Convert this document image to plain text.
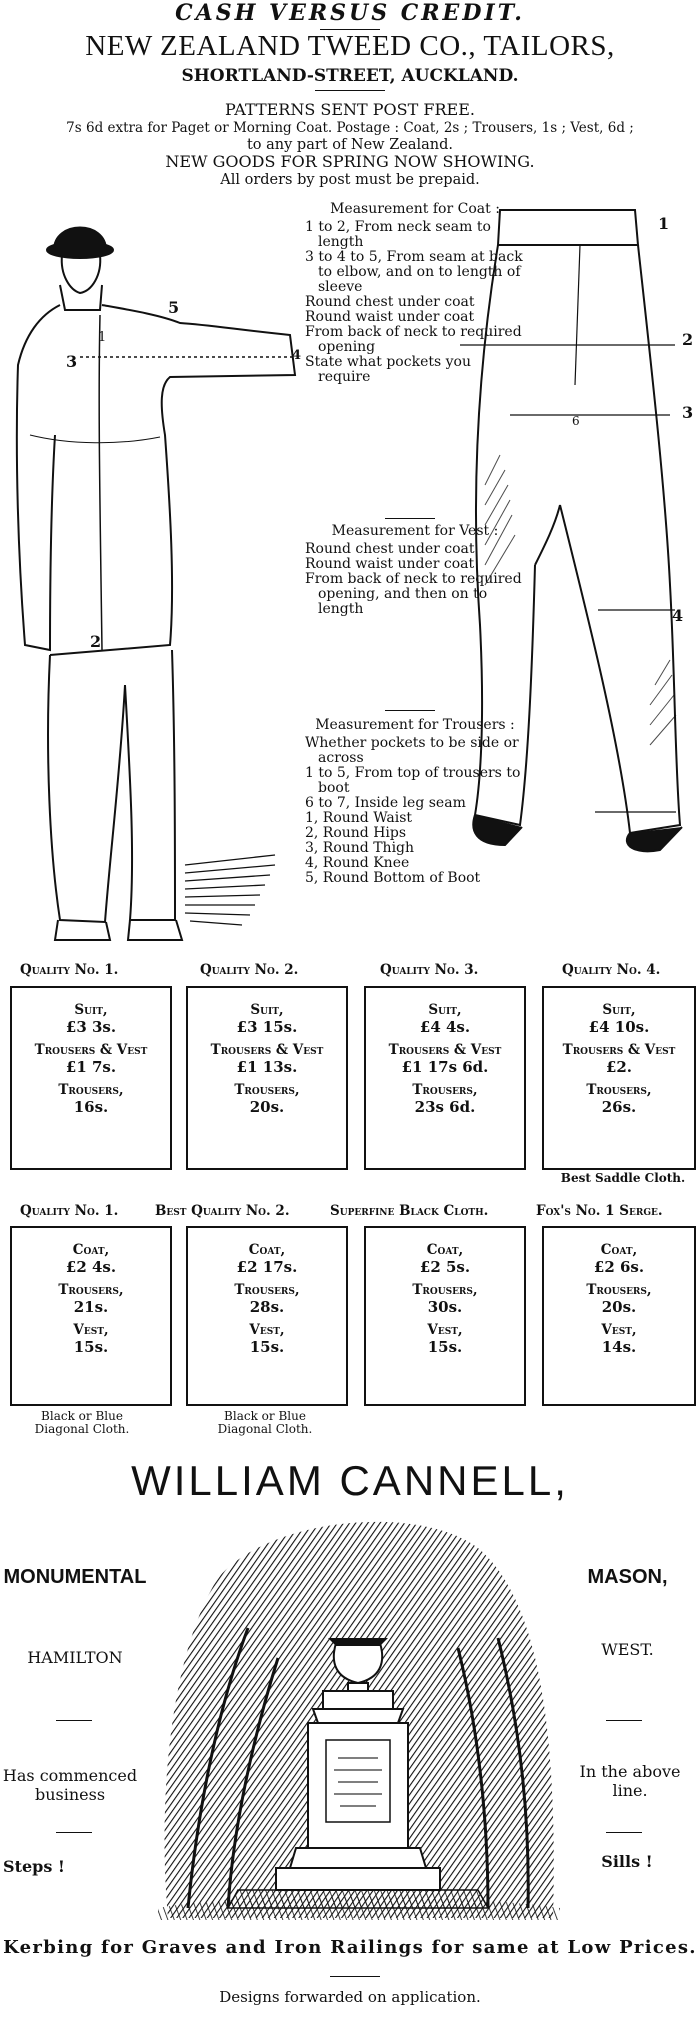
CASH VERSUS CREDIT.
NEW ZEALAND TWEED CO., TAILORS,
SHORTLAND-STREET, AUCKLAND.
PATTERNS SENT POST FREE.
7s 6d extra for Paget or Morning Coat. Postage : Coat, 2s ; Trousers, 1s ; Vest, 6d ;
to any part of New Zealand.
NEW GOODS FOR SPRING NOW SHOWING.
All orders by post must be prepaid.
1
2
3	4
5
Measurement for Coat :
1 to 2, From neck seam to length
3 to 4 to 5, From seam at back to elbow, and on to length of sleeve
Round chest under coat
Round waist under coat
From back of neck to required opening
State what pockets you require
Measurement for Vest :
Round chest under coat
Round waist under coat
From back of neck to required opening, and then on to length
Measurement for Trousers :
Whether pockets to be side or across
1 to 5, From top of trousers to boot
6 to 7, Inside leg seam
1, Round Waist
2, Round Hips
3, Round Thigh
4, Round Knee
5, Round Bottom of Boot
1
2
3
4
6
Quality No. 1.	Quality No. 2.	Quality No. 3.	Quality No. 4.
Suit,
£3 3s.
Trousers & Vest
£1 7s.
Trousers,
16s.
Suit,
£3 15s.
Trousers & Vest
£1 13s.
Trousers,
20s.
Suit,
£4 4s.
Trousers & Vest
£1 17s 6d.
Trousers,
23s 6d.
Suit,
£4 10s.
Trousers & Vest
£2.
Trousers,
26s.
Best Saddle Cloth.
Quality No. 1.	Best Quality No. 2.	Superfine Black Cloth.	Fox's No. 1 Serge.
Coat,
£2 4s.
Trousers,
21s.
Vest,
15s.
Coat,
£2 17s.
Trousers,
28s.
Vest,
15s.
Coat,
£2 5s.
Trousers,
30s.
Vest,
15s.
Coat,
£2 6s.
Trousers,
20s.
Vest,
14s.
Black or Blue Diagonal Cloth.
Black or Blue Diagonal Cloth.
WILLIAM CANNELL,
MONUMENTAL	MASON,
HAMILTON	WEST.
Has commenced business
In the above line.
Steps !	Sills !
Kerbing for Graves and Iron Railings for same at Low Prices.
Designs forwarded on application.
